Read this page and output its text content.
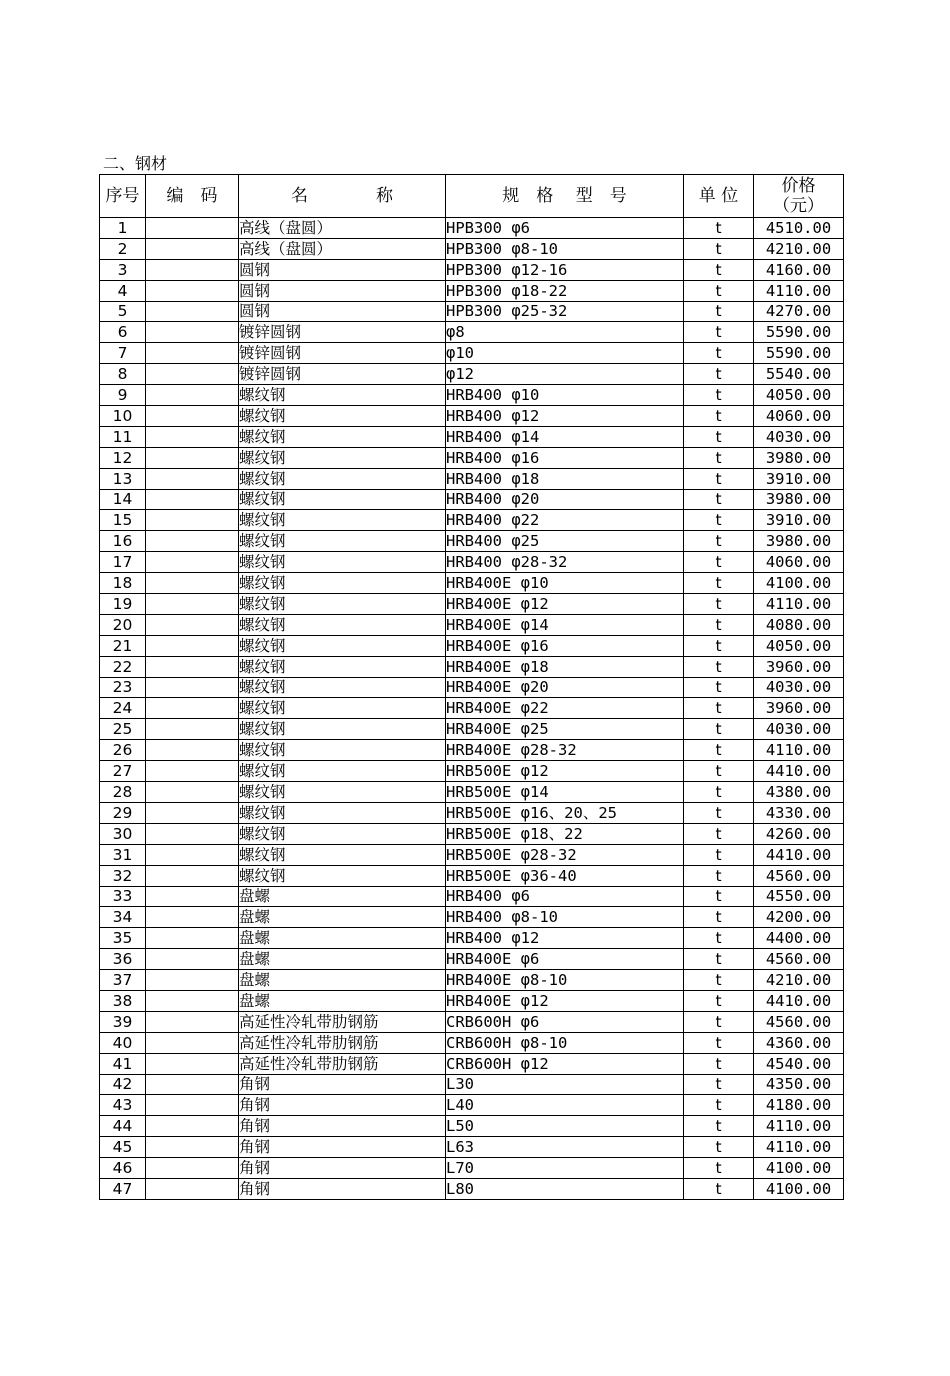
二、钢材
序号	编　码	名　　　　称	规　格　 型　号	单 位	价格
（元）

1		高线（盘圆）	HPB300 φ6	t	4510.00
2		高线（盘圆）	HPB300 φ8-10	t	4210.00
3		圆钢	HPB300 φ12-16	t	4160.00
4		圆钢	HPB300 φ18-22	t	4110.00
5		圆钢	HPB300 φ25-32	t	4270.00
6		镀锌圆钢	φ8	t	5590.00
7		镀锌圆钢	φ10	t	5590.00
8		镀锌圆钢	φ12	t	5540.00
9		螺纹钢	HRB400 φ10	t	4050.00
10		螺纹钢	HRB400 φ12	t	4060.00
11		螺纹钢	HRB400 φ14	t	4030.00
12		螺纹钢	HRB400 φ16	t	3980.00
13		螺纹钢	HRB400 φ18	t	3910.00
14		螺纹钢	HRB400 φ20	t	3980.00
15		螺纹钢	HRB400 φ22	t	3910.00
16		螺纹钢	HRB400 φ25	t	3980.00
17		螺纹钢	HRB400 φ28-32	t	4060.00
18		螺纹钢	HRB400E φ10	t	4100.00
19		螺纹钢	HRB400E φ12	t	4110.00
20		螺纹钢	HRB400E φ14	t	4080.00
21		螺纹钢	HRB400E φ16	t	4050.00
22		螺纹钢	HRB400E φ18	t	3960.00
23		螺纹钢	HRB400E φ20	t	4030.00
24		螺纹钢	HRB400E φ22	t	3960.00
25		螺纹钢	HRB400E φ25	t	4030.00
26		螺纹钢	HRB400E φ28-32	t	4110.00
27		螺纹钢	HRB500E φ12	t	4410.00
28		螺纹钢	HRB500E φ14	t	4380.00
29		螺纹钢	HRB500E φ16、20、25	t	4330.00
30		螺纹钢	HRB500E φ18、22	t	4260.00
31		螺纹钢	HRB500E φ28-32	t	4410.00
32		螺纹钢	HRB500E φ36-40	t	4560.00
33		盘螺	HRB400 φ6	t	4550.00
34		盘螺	HRB400 φ8-10	t	4200.00
35		盘螺	HRB400 φ12	t	4400.00
36		盘螺	HRB400E φ6	t	4560.00
37		盘螺	HRB400E φ8-10	t	4210.00
38		盘螺	HRB400E φ12	t	4410.00
39		高延性冷轧带肋钢筋	CRB600H φ6	t	4560.00
40		高延性冷轧带肋钢筋	CRB600H φ8-10	t	4360.00
41		高延性冷轧带肋钢筋	CRB600H φ12	t	4540.00
42		角钢	L30	t	4350.00
43		角钢	L40	t	4180.00
44		角钢	L50	t	4110.00
45		角钢	L63	t	4110.00
46		角钢	L70	t	4100.00
47		角钢	L80	t	4100.00
